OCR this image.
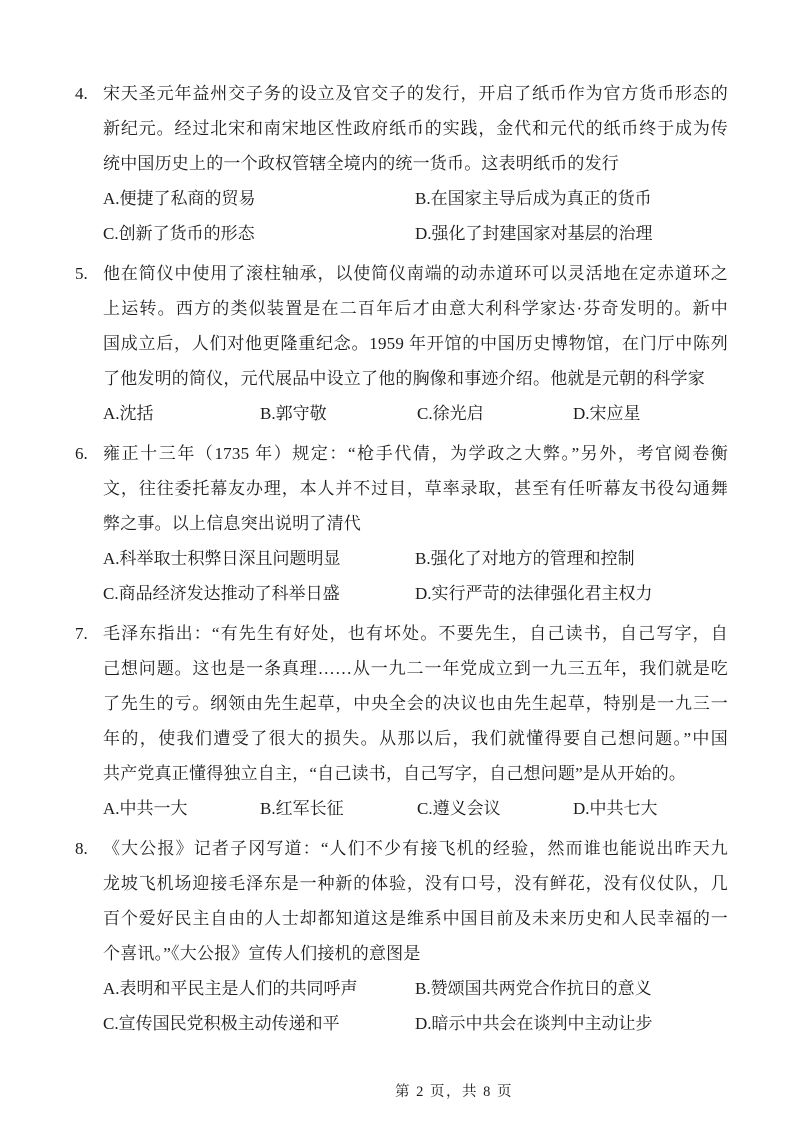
4. 宋天圣元年益州交子务的设立及官交子的发行，开启了纸币作为官方货币形态的
新纪元。经过北宋和南宋地区性政府纸币的实践，金代和元代的纸币终于成为传
统中国历史上的一个政权管辖全境内的统一货币。这表明纸币的发行
A.便捷了私商的贸易	B.在国家主导后成为真正的货币
C.创新了货币的形态	D.强化了封建国家对基层的治理
5. 他在简仪中使用了滚柱轴承，以使简仪南端的动赤道环可以灵活地在定赤道环之
上运转。西方的类似装置是在二百年后才由意大利科学家达·芬奇发明的。新中
国成立后，人们对他更隆重纪念。1959 年开馆的中国历史博物馆，在门厅中陈列
了他发明的简仪，元代展品中设立了他的胸像和事迹介绍。他就是元朝的科学家
A.沈括	B.郭守敬	C.徐光启	D.宋应星
6. 雍正十三年（1735 年）规定：“枪手代倩，为学政之大弊。”另外，考官阅卷衡
文，往往委托幕友办理，本人并不过目，草率录取，甚至有任听幕友书役勾通舞
弊之事。以上信息突出说明了清代
A.科举取士积弊日深且问题明显	B.强化了对地方的管理和控制
C.商品经济发达推动了科举日盛	D.实行严苛的法律强化君主权力
7. 毛泽东指出：“有先生有好处，也有坏处。不要先生，自己读书，自己写字，自
己想问题。这也是一条真理……从一九二一年党成立到一九三五年，我们就是吃
了先生的亏。纲领由先生起草，中央全会的决议也由先生起草，特别是一九三一
年的，使我们遭受了很大的损失。从那以后，我们就懂得要自己想问题。”中国
共产党真正懂得独立自主，“自己读书，自己写字，自己想问题”是从开始的。
A.中共一大	B.红军长征	C.遵义会议	D.中共七大
8. 《大公报》记者子冈写道：“人们不少有接飞机的经验，然而谁也能说出昨天九
龙坡飞机场迎接毛泽东是一种新的体验，没有口号，没有鲜花，没有仪仗队，几
百个爱好民主自由的人士却都知道这是维系中国目前及未来历史和人民幸福的一
个喜讯。”《大公报》宣传人们接机的意图是
A.表明和平民主是人们的共同呼声	B.赞颂国共两党合作抗日的意义
C.宣传国民党积极主动传递和平	D.暗示中共会在谈判中主动让步
第 2 页，共 8 页
